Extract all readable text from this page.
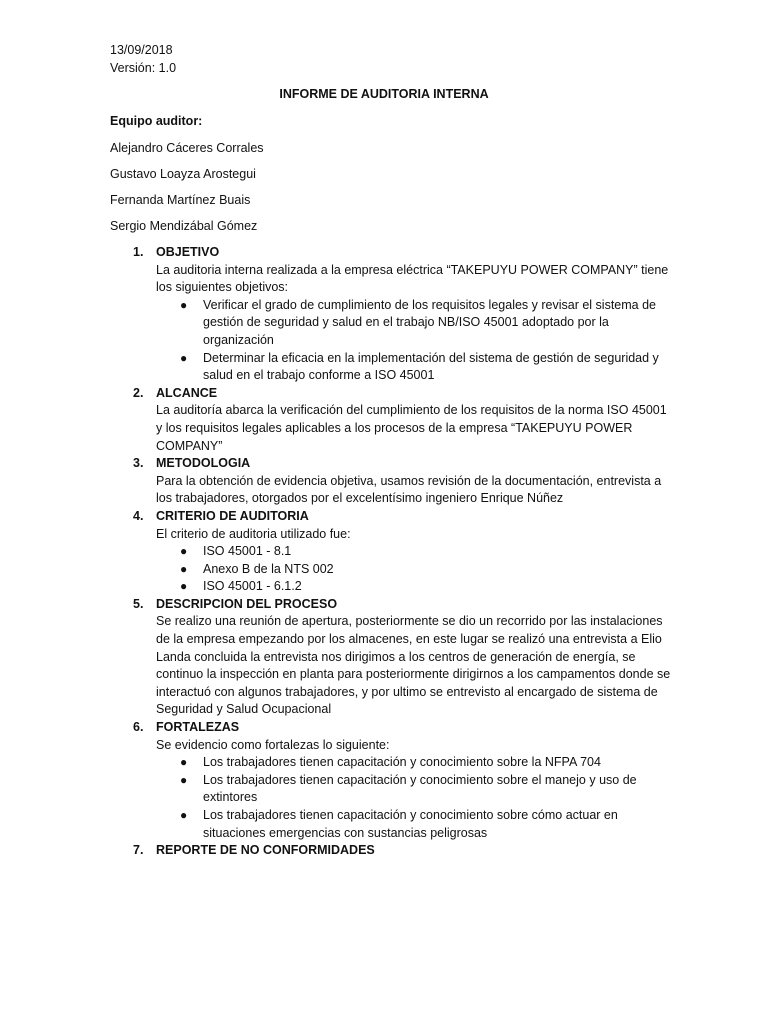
13/09/2018
Versión: 1.0
INFORME DE AUDITORIA INTERNA
Equipo auditor:
Alejandro Cáceres Corrales
Gustavo Loayza Arostegui
Fernanda Martínez Buais
Sergio Mendizábal Gómez
1.	OBJETIVO

La auditoria interna realizada a la empresa eléctrica “TAKEPUYU POWER COMPANY” tiene los siguientes objetivos:

●	Verificar el grado de cumplimiento de los requisitos legales y revisar el sistema de gestión de seguridad y salud en el trabajo NB/ISO 45001 adoptado por la organización
●	Determinar la eficacia en la implementación del sistema de gestión de seguridad y salud en el trabajo conforme a ISO 45001
2.	ALCANCE

La auditoría abarca la verificación del cumplimiento de los requisitos de la norma ISO 45001 y los requisitos legales aplicables a los procesos de la empresa “TAKEPUYU POWER COMPANY”

3.	METODOLOGIA

Para la obtención de evidencia objetiva, usamos revisión de la documentación, entrevista a los trabajadores, otorgados por el excelentísimo ingeniero Enrique Núñez

4.	CRITERIO DE AUDITORIA

El criterio de auditoria utilizado fue:

●	ISO 45001 - 8.1
●	Anexo B de la NTS 002
●	ISO 45001 - 6.1.2
5.	DESCRIPCION DEL PROCESO

Se realizo una reunión de apertura, posteriormente se dio un recorrido por las instalaciones de la empresa empezando por los almacenes, en este lugar se realizó una entrevista a Elio Landa concluida la entrevista nos dirigimos a los centros de generación de energía, se continuo la inspección en planta para posteriormente dirigirnos a los campamentos donde se interactuó con algunos trabajadores, y por ultimo se entrevisto al encargado de sistema de Seguridad y Salud Ocupacional

6.	FORTALEZAS

Se evidencio como fortalezas lo siguiente:

●	Los trabajadores tienen capacitación y conocimiento sobre la NFPA 704
●	Los trabajadores tienen capacitación y conocimiento sobre el manejo y uso de extintores
●	Los trabajadores tienen capacitación y conocimiento sobre cómo actuar en situaciones emergencias con sustancias peligrosas
7.	REPORTE DE NO CONFORMIDADES
